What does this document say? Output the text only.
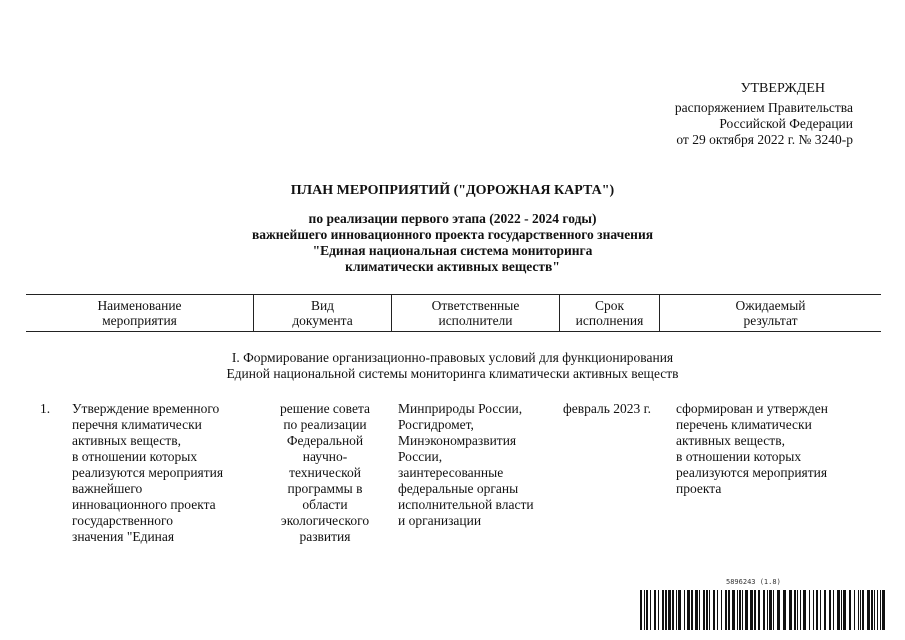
УТВЕРЖДЕН
распоряжением Правительства
Российской Федерации
от 29 октября 2022 г. № 3240-р
ПЛАН МЕРОПРИЯТИЙ ("ДОРОЖНАЯ КАРТА")
по реализации первого этапа (2022 - 2024 годы)
важнейшего инновационного проекта государственного значения
"Единая национальная система мониторинга
климатически активных веществ"
Наименование
мероприятия
Вид
документа
Ответственные
исполнители
Срок
исполнения
Ожидаемый
результат
I. Формирование организационно-правовых условий для функционирования
Единой национальной системы мониторинга климатически активных веществ
1. Утверждение временного
перечня климатически
активных веществ,
в отношении которых
реализуются мероприятия
важнейшего
инновационного проекта
государственного
значения "Единая
решение совета
по реализации
Федеральной
научно-
технической
программы в
области
экологического
развития
Минприроды России,
Росгидромет,
Минэкономразвития
России,
заинтересованные
федеральные органы
исполнительной власти
и организации
февраль 2023 г.	сформирован и утвержден
перечень климатически
активных веществ,
в отношении которых
реализуются мероприятия
проекта
5896243 (1.8)
